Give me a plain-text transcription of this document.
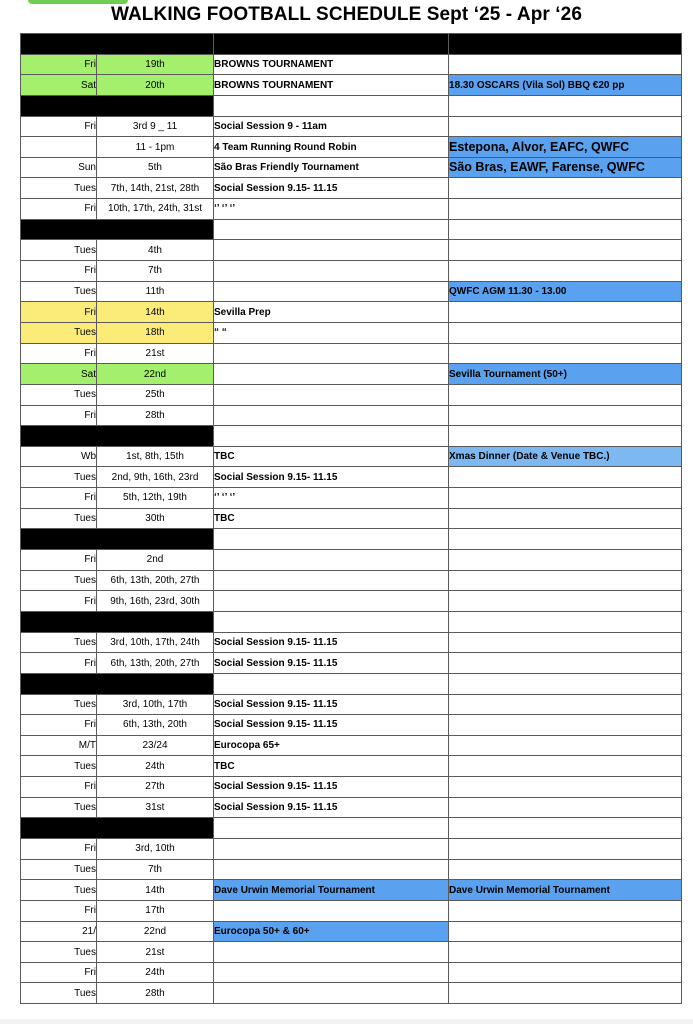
WALKING FOOTBALL SCHEDULE Sept ‘25 - Apr ‘26
Sept.		FOOTY SESSIONS & TOURNAMENTS	EVENTS/NOTES
Fri	19th	BROWNS TOURNAMENT	
Sat	20th	BROWNS TOURNAMENT	18.30 OSCARS (Vila Sol) BBQ €20 pp
Oct.			
Fri	3rd 9 _ 11	Social Session 9 - 11am	
	11 - 1pm	4 Team Running Round Robin	Estepona, Alvor, EAFC, QWFC
Sun	5th	São Bras Friendly Tournament	São Bras, EAWF, Farense, QWFC
Tues	7th, 14th, 21st, 28th	Social Session 9.15- 11.15	
Fri	10th, 17th, 24th, 31st	‘’ ‘’ ‘’	
Nov.			
Tues	4th		
Fri	7th		
Tues	11th		QWFC AGM 11.30 - 13.00
Fri	14th	Sevilla Prep	
Tues	18th	“ “	
Fri	21st		
Sat	22nd		Sevilla Tournament (50+)
Tues	25th		
Fri	28th		
Dec.			
Wb	1st, 8th, 15th	TBC	Xmas Dinner (Date & Venue TBC.)
Tues	2nd, 9th, 16th, 23rd	Social Session 9.15- 11.15	
Fri	5th, 12th, 19th	‘’ ‘’ ‘’	
Tues	30th	TBC	
Jan. ‘26			
Fri	2nd		
Tues	6th, 13th, 20th, 27th		
Fri	9th, 16th, 23rd, 30th		
Feb.			
Tues	3rd, 10th, 17th, 24th	Social Session 9.15- 11.15	
Fri	6th, 13th, 20th, 27th	Social Session 9.15- 11.15	
Mar.			
Tues	3rd, 10th, 17th	Social Session 9.15- 11.15	
Fri	6th, 13th, 20th	Social Session 9.15- 11.15	
M/T	23/24	Eurocopa 65+	
Tues	24th	TBC	
Fri	27th	Social Session 9.15- 11.15	
Tues	31st	Social Session 9.15- 11.15	
Apr.			
Fri	3rd, 10th		
Tues	7th		
Tues	14th	Dave Urwin Memorial Tournament	Dave Urwin Memorial Tournament
Fri	17th		
21/	22nd	Eurocopa 50+ & 60+	
Tues	21st		
Fri	24th		
Tues	28th		
